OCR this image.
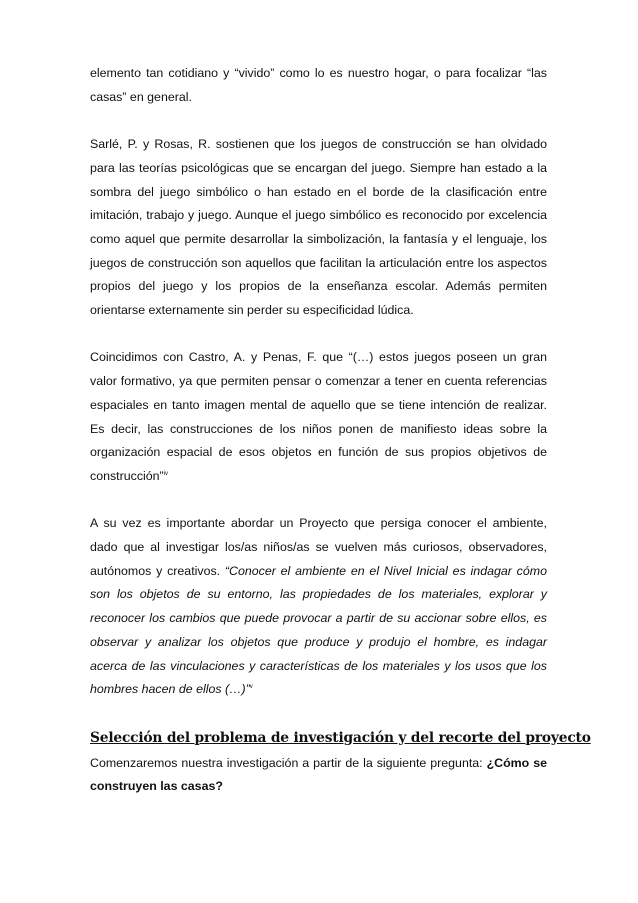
elemento tan cotidiano y “vivido” como lo es nuestro hogar, o para focalizar “las casas” en general.

Sarlé, P. y Rosas, R. sostienen que los juegos de construcción se han olvidado para las teorías psicológicas que se encargan del juego. Siempre han estado a la sombra del juego simbólico o han estado en el borde de la clasificación entre imitación, trabajo y juego. Aunque el juego simbólico es reconocido por excelencia como aquel que permite desarrollar la simbolización, la fantasía y el lenguaje, los juegos de construcción son aquellos que facilitan la articulación entre los aspectos propios del juego y los propios de la enseñanza escolar. Además permiten orientarse externamente sin perder su especificidad lúdica.

Coincidimos con Castro, A. y Penas, F. que “(…) estos juegos poseen un gran valor formativo, ya que permiten pensar o comenzar a tener en cuenta referencias espaciales en tanto imagen mental de aquello que se tiene intención de realizar. Es decir, las construcciones de los niños ponen de manifiesto ideas sobre la organización espacial de esos objetos en función de sus propios objetivos de construcción”$^{iv}$

A su vez es importante abordar un Proyecto que persiga conocer el ambiente, dado que al investigar los/as niños/as se vuelven más curiosos, observadores, autónomos y creativos. “Conocer el ambiente en el Nivel Inicial es indagar cómo son los objetos de su entorno, las propiedades de los materiales, explorar y reconocer los cambios que puede provocar a partir de su accionar sobre ellos, es observar y analizar los objetos que produce y produjo el hombre, es indagar acerca de las vinculaciones y características de los materiales y los usos que los hombres hacen de ellos (…)”$^v$

Selección del problema de investigación y del recorte del proyecto

Comenzaremos nuestra investigación a partir de la siguiente pregunta: ¿Cómo se construyen las casas?
